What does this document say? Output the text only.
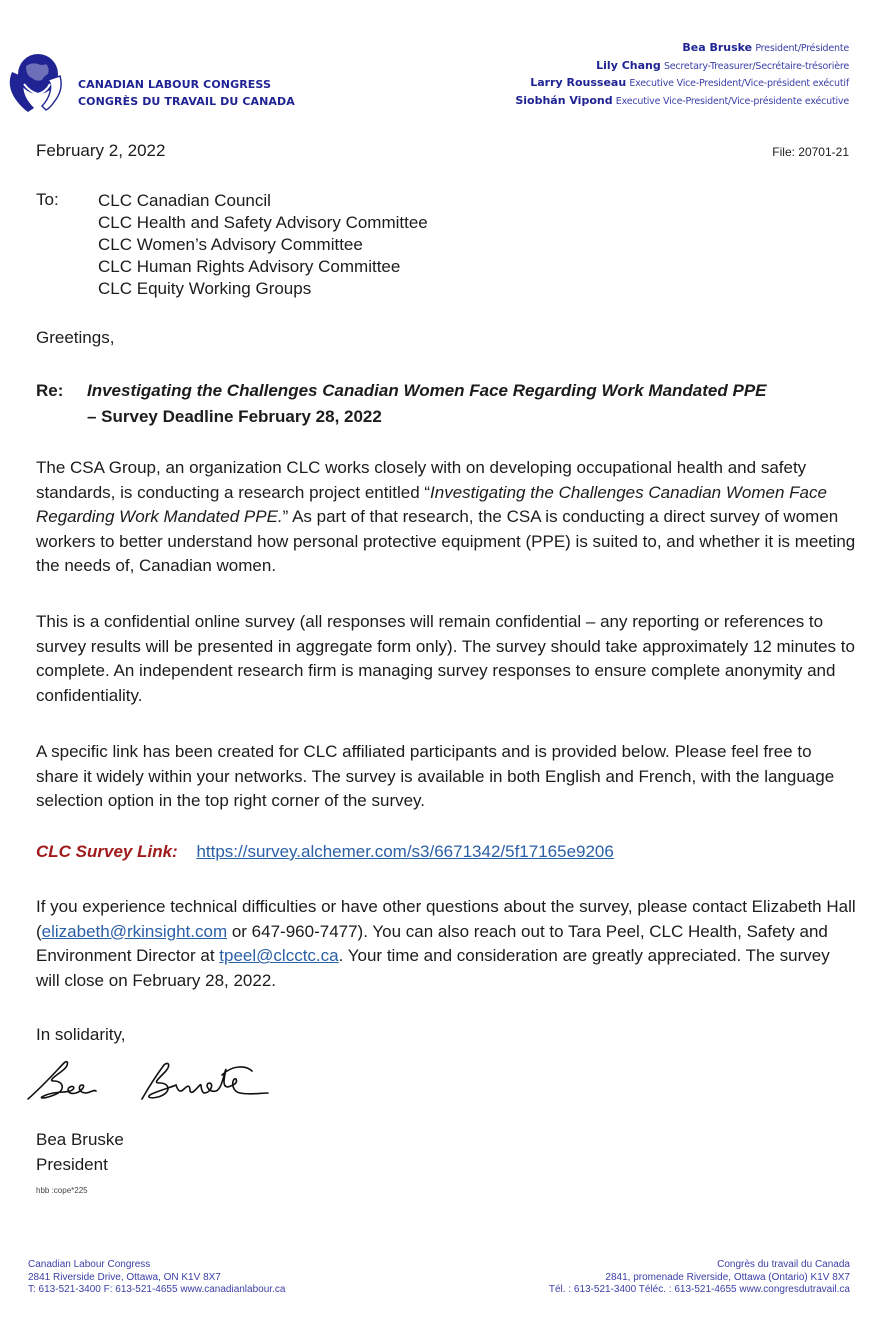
CANADIAN LABOUR CONGRESS
CONGRÈS DU TRAVAIL DU CANADA
Bea Bruske President/Présidente
Lily Chang Secretary-Treasurer/Secrétaire-trésorière
Larry Rousseau Executive Vice-President/Vice-président exécutif
Siobhán Vipond Executive Vice-President/Vice-présidente exécutive
February 2, 2022	File: 20701-21
To: CLC Canadian Council
CLC Health and Safety Advisory Committee
CLC Women’s Advisory Committee
CLC Human Rights Advisory Committee
CLC Equity Working Groups
Greetings,
Re: Investigating the Challenges Canadian Women Face Regarding Work Mandated PPE
– Survey Deadline February 28, 2022
The CSA Group, an organization CLC works closely with on developing occupational health and safety standards, is conducting a research project entitled “Investigating the Challenges Canadian Women Face Regarding Work Mandated PPE.” As part of that research, the CSA is conducting a direct survey of women workers to better understand how personal protective equipment (PPE) is suited to, and whether it is meeting the needs of, Canadian women.
This is a confidential online survey (all responses will remain confidential – any reporting or references to survey results will be presented in aggregate form only). The survey should take approximately 12 minutes to complete. An independent research firm is managing survey responses to ensure complete anonymity and confidentiality.
A specific link has been created for CLC affiliated participants and is provided below. Please feel free to share it widely within your networks. The survey is available in both English and French, with the language selection option in the top right corner of the survey.
CLC Survey Link: https://survey.alchemer.com/s3/6671342/5f17165e9206
If you experience technical difficulties or have other questions about the survey, please contact Elizabeth Hall (elizabeth@rkinsight.com or 647-960-7477). You can also reach out to Tara Peel, CLC Health, Safety and Environment Director at tpeel@clcctc.ca. Your time and consideration are greatly appreciated. The survey will close on February 28, 2022.
In solidarity,
Bea Bruske
President
hbb :cope*225
Canadian Labour Congress
2841 Riverside Drive, Ottawa, ON K1V 8X7
T: 613-521-3400 F: 613-521-4655 www.canadianlabour.ca
Congrès du travail du Canada
2841, promenade Riverside, Ottawa (Ontario) K1V 8X7
Tél. : 613-521-3400 Téléc. : 613-521-4655 www.congresdutravail.ca
